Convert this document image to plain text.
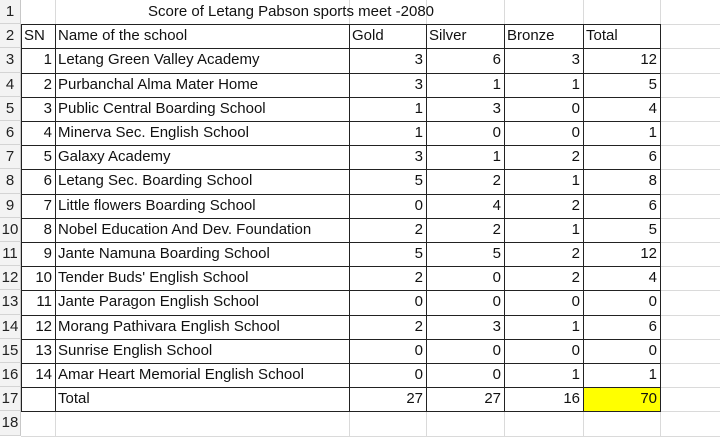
1
2
3
4
5
6
7
8
9
10
11
12
13
14
15
16
17
18
Score of Letang Pabson sports meet -2080
SN Name of the school	Gold	Silver	Bronze	Total
1 Letang Green Valley Academy	3	6	3	12
2 Purbanchal Alma Mater Home	3	1	1	5
3 Public Central Boarding School	1	3	0	4
4 Minerva Sec. English School	1	0	0	1
5 Galaxy Academy	3	1	2	6
6 Letang Sec. Boarding School	5	2	1	8
7 Little flowers Boarding School	0	4	2	6
8 Nobel Education And Dev. Foundation	2	2	1	5
9 Jante Namuna Boarding School	5	5	2	12
10 Tender Buds' English School	2	0	2	4
11 Jante Paragon English School	0	0	0	0
12 Morang Pathivara English School	2	3	1	6
13 Sunrise English School	0	0	0	0
14 Amar Heart Memorial English School	0	0	1	1
Total	27	27	16	70
